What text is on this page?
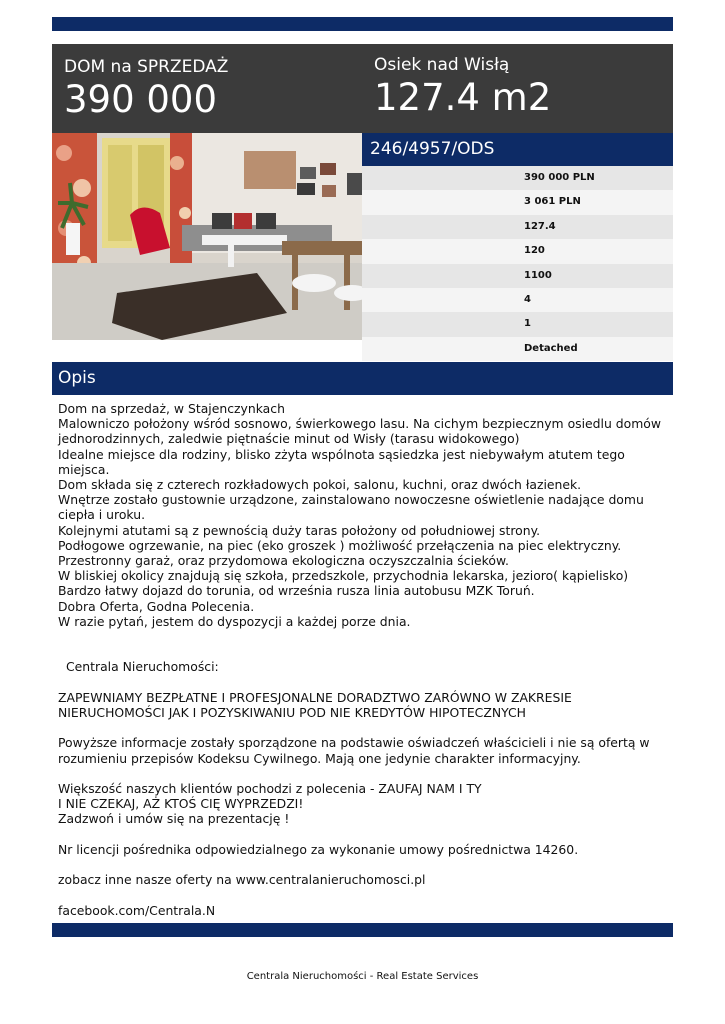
DOM na SPRZEDAŻ
390 000
Osiek nad Wisłą
127.4 m2
246/4957/ODS
390 000 PLN
3 061 PLN
127.4
120
1100
4
1
Detached
Opis
Dom na sprzedaż, w Stajenczynkach
Malowniczo położony wśród sosnowo, świerkowego lasu. Na cichym bezpiecznym osiedlu domów
jednorodzinnych, zaledwie piętnaście minut od Wisły (tarasu widokowego)
Idealne miejsce dla rodziny, blisko zżyta wspólnota sąsiedzka jest niebywałym atutem tego
miejsca.
Dom składa się z czterech rozkładowych pokoi, salonu, kuchni, oraz dwóch łazienek.
Wnętrze zostało gustownie urządzone, zainstalowano nowoczesne oświetlenie nadające domu
ciepła i uroku.
Kolejnymi atutami są z pewnością duży taras położony od południowej strony.
Podłogowe ogrzewanie, na piec (eko groszek ) możliwość przełączenia na piec elektryczny.
Przestronny garaż, oraz przydomowa ekologiczna oczyszczalnia ścieków.
W bliskiej okolicy znajdują się szkoła, przedszkole, przychodnia lekarska, jezioro( kąpielisko)
Bardzo łatwy dojazd do torunia, od września rusza linia autobusu MZK Toruń.
Dobra Oferta, Godna Polecenia.
W razie pytań, jestem do dyspozycji a każdej porze dnia.
Centrala Nieruchomości:
ZAPEWNIAMY BEZPŁATNE I PROFESJONALNE DORADZTWO ZARÓWNO W ZAKRESIE
NIERUCHOMOŚCI JAK I POZYSKIWANIU POD NIE KREDYTÓW HIPOTECZNYCH
Powyższe informacje zostały sporządzone na podstawie oświadczeń właścicieli i nie są ofertą w
rozumieniu przepisów Kodeksu Cywilnego. Mają one jedynie charakter informacyjny.
Większość naszych klientów pochodzi z polecenia - ZAUFAJ NAM I TY
I NIE CZEKAJ, AŻ KTOŚ CIĘ WYPRZEDZI!
Zadzwoń i umów się na prezentację !
Nr licencji pośrednika odpowiedzialnego za wykonanie umowy pośrednictwa 14260.
zobacz inne nasze oferty na www.centralanieruchomosci.pl
facebook.com/Centrala.N
Centrala Nieruchomości - Real Estate Services
